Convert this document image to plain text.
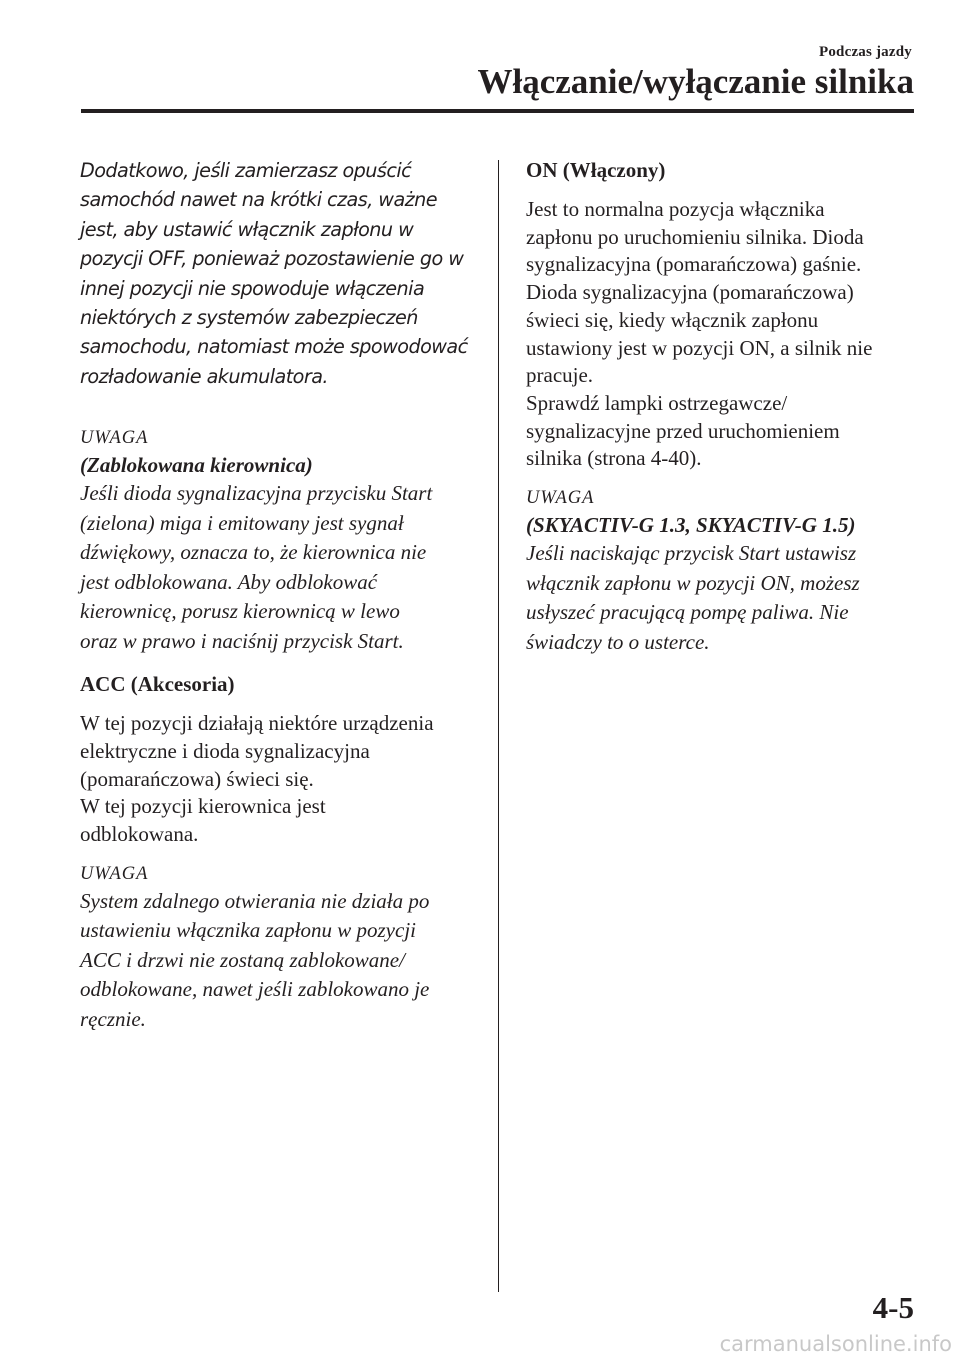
Podczas jazdy
Włączanie/wyłączanie silnika

Dodatkowo, jeśli zamierzasz opuścić
samochód nawet na krótki czas, ważne
jest, aby ustawić włącznik zapłonu w
pozycji OFF, ponieważ pozostawienie go w
innej pozycji nie spowoduje włączenia
niektórych z systemów zabezpieczeń
samochodu, natomiast może spowodować
rozładowanie akumulatora.

UWAGA

(Zablokowana kierownica)

Jeśli dioda sygnalizacyjna przycisku Start
(zielona) miga i emitowany jest sygnał
dźwiękowy, oznacza to, że kierownica nie
jest odblokowana. Aby odblokować
kierownicę, porusz kierownicą w lewo
oraz w prawo i naciśnij przycisk Start.

ACC (Akcesoria)

W tej pozycji działają niektóre urządzenia
elektryczne i dioda sygnalizacyjna
(pomarańczowa) świeci się.
W tej pozycji kierownica jest
odblokowana.

UWAGA

System zdalnego otwierania nie działa po
ustawieniu włącznika zapłonu w pozycji
ACC i drzwi nie zostaną zablokowane/
odblokowane, nawet jeśli zablokowano je
ręcznie.

ON (Włączony)

Jest to normalna pozycja włącznika
zapłonu po uruchomieniu silnika. Dioda
sygnalizacyjna (pomarańczowa) gaśnie.
Dioda sygnalizacyjna (pomarańczowa)
świeci się, kiedy włącznik zapłonu
ustawiony jest w pozycji ON, a silnik nie
pracuje.
Sprawdź lampki ostrzegawcze/
sygnalizacyjne przed uruchomieniem
silnika (strona 4-40).

UWAGA

(SKYACTIV-G 1.3, SKYACTIV-G 1.5)

Jeśli naciskając przycisk Start ustawisz
włącznik zapłonu w pozycji ON, możesz
usłyszeć pracującą pompę paliwa. Nie
świadczy to o usterce.

4-5
carmanualsonline.info
